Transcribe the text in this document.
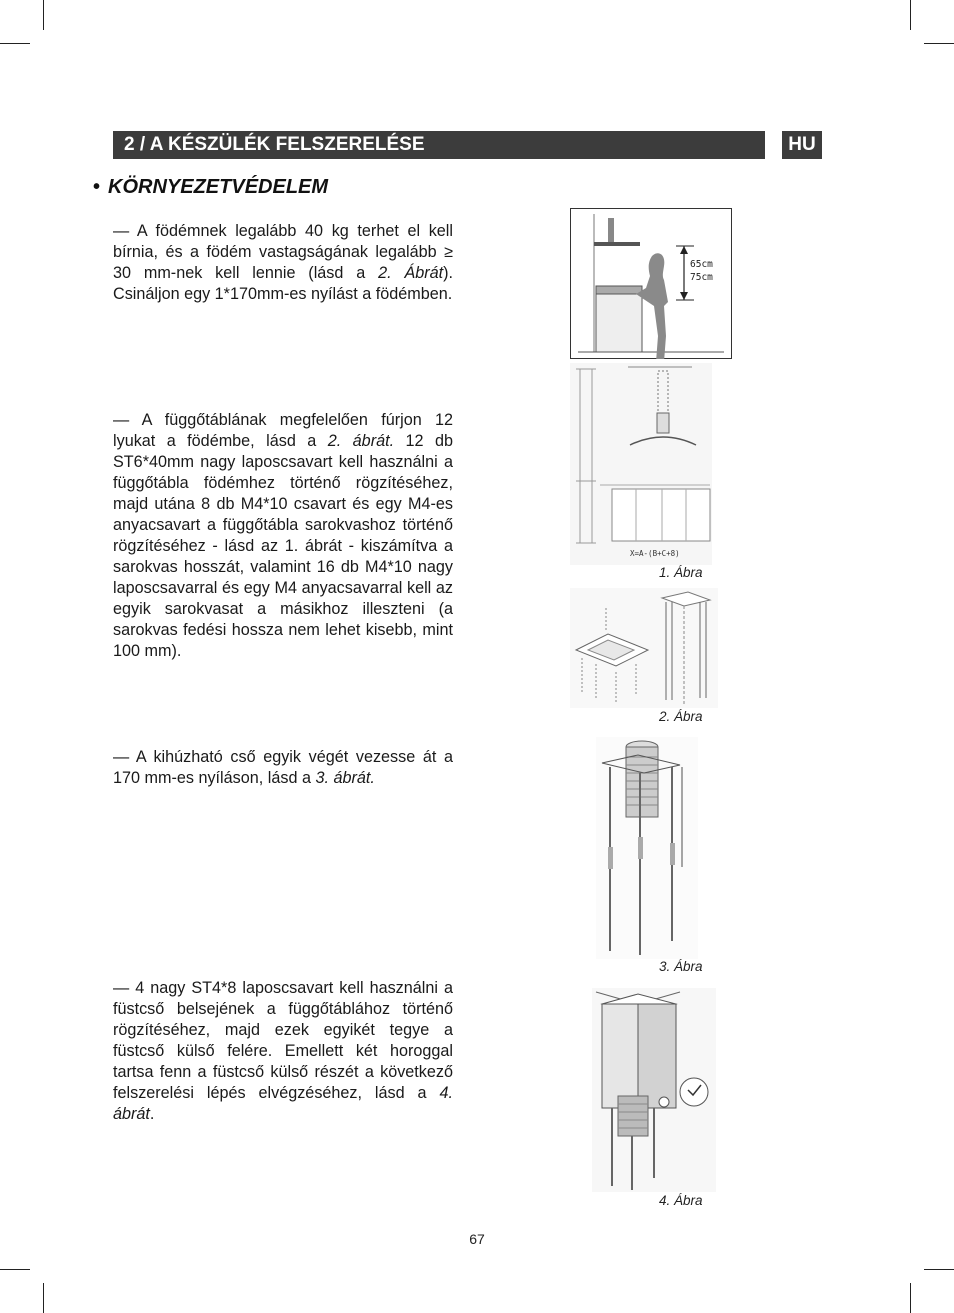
2 / A KÉSZÜLÉK FELSZERELÉSE	HU
• KÖRNYEZETVÉDELEM
— A födémnek legalább 40 kg terhet el kell bírnia, és a födém vastagságának legalább ≥ 30 mm-nek kell lennie (lásd a 2. Ábrát). Csináljon egy 1*170mm-es nyílást a födémben.
— A függőtáblának megfelelően fúrjon 12 lyukat a födémbe, lásd a 2. ábrát. 12 db ST6*40mm nagy laposcsavart kell használni a függőtábla födémhez történő rögzítéséhez, majd utána 8 db M4*10 csavart és egy M4-es anyacsavart a függőtábla sarokvashoz történő rögzítéséhez - lásd az 1. ábrát - kiszámítva a sarokvas hosszát, valamint 16 db M4*10 nagy laposcsavarral és egy M4 anyacsavarral kell az egyik sarokvasat a másikhoz illeszteni (a sarokvas fedési hossza nem lehet kisebb, mint 100 mm).
— A kihúzható cső egyik végét vezesse át a 170 mm-es nyíláson, lásd a 3. ábrát.
— 4 nagy ST4*8 laposcsavart kell használni a füstcső belsejének a függőtáblához történő rögzítéséhez, majd ezek egyikét tegye a füstcső külső felére. Emellett két horoggal tartsa fenn a füstcső külső részét a következő felszerelési lépés elvégzéséhez, lásd a 4. ábrát.
65cm
75cm
X=A-(B+C+8)
1. Ábra
2. Ábra
3. Ábra
4. Ábra
67
